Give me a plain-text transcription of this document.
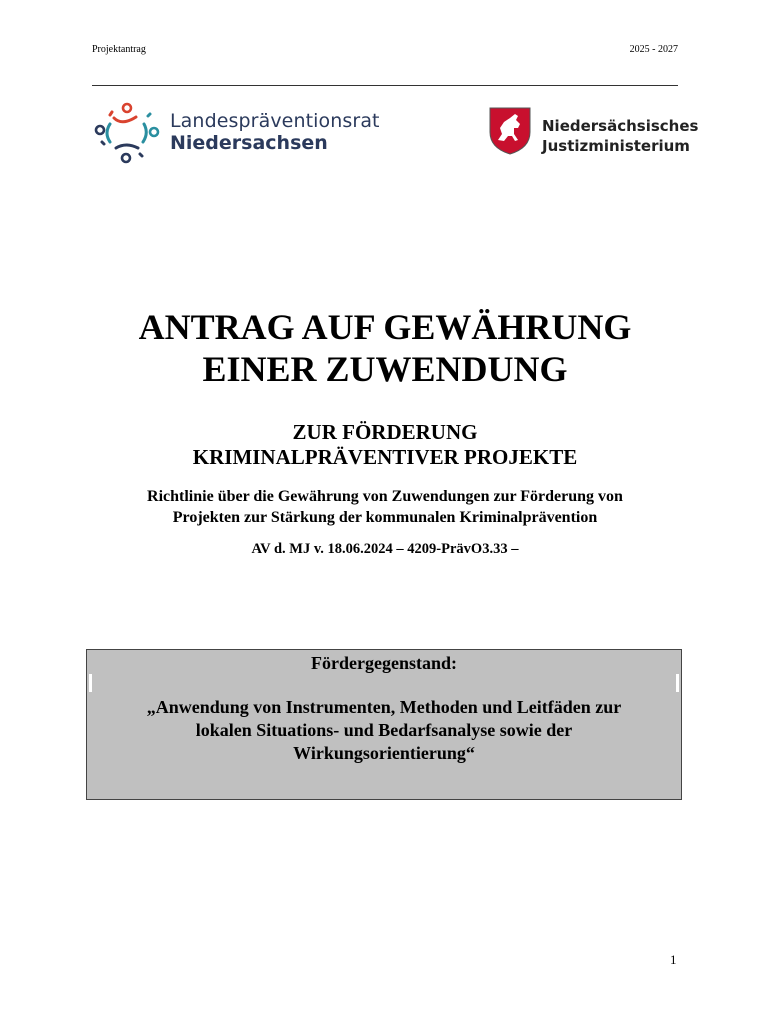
Projektantrag	2025 - 2027
Landespräventionsrat
Niedersachsen
Niedersächsisches
Justizministerium
ANTRAG AUF GEWÄHRUNG
EINER ZUWENDUNG
ZUR FÖRDERUNG
KRIMINALPRÄVENTIVER PROJEKTE
Richtlinie über die Gewährung von Zuwendungen zur Förderung von
Projekten zur Stärkung der kommunalen Kriminalprävention
AV d. MJ v. 18.06.2024 – 4209-PrävO3.33 –
Fördergegenstand:
„Anwendung von Instrumenten, Methoden und Leitfäden zur
lokalen Situations- und Bedarfsanalyse sowie der
Wirkungsorientierung“
1
